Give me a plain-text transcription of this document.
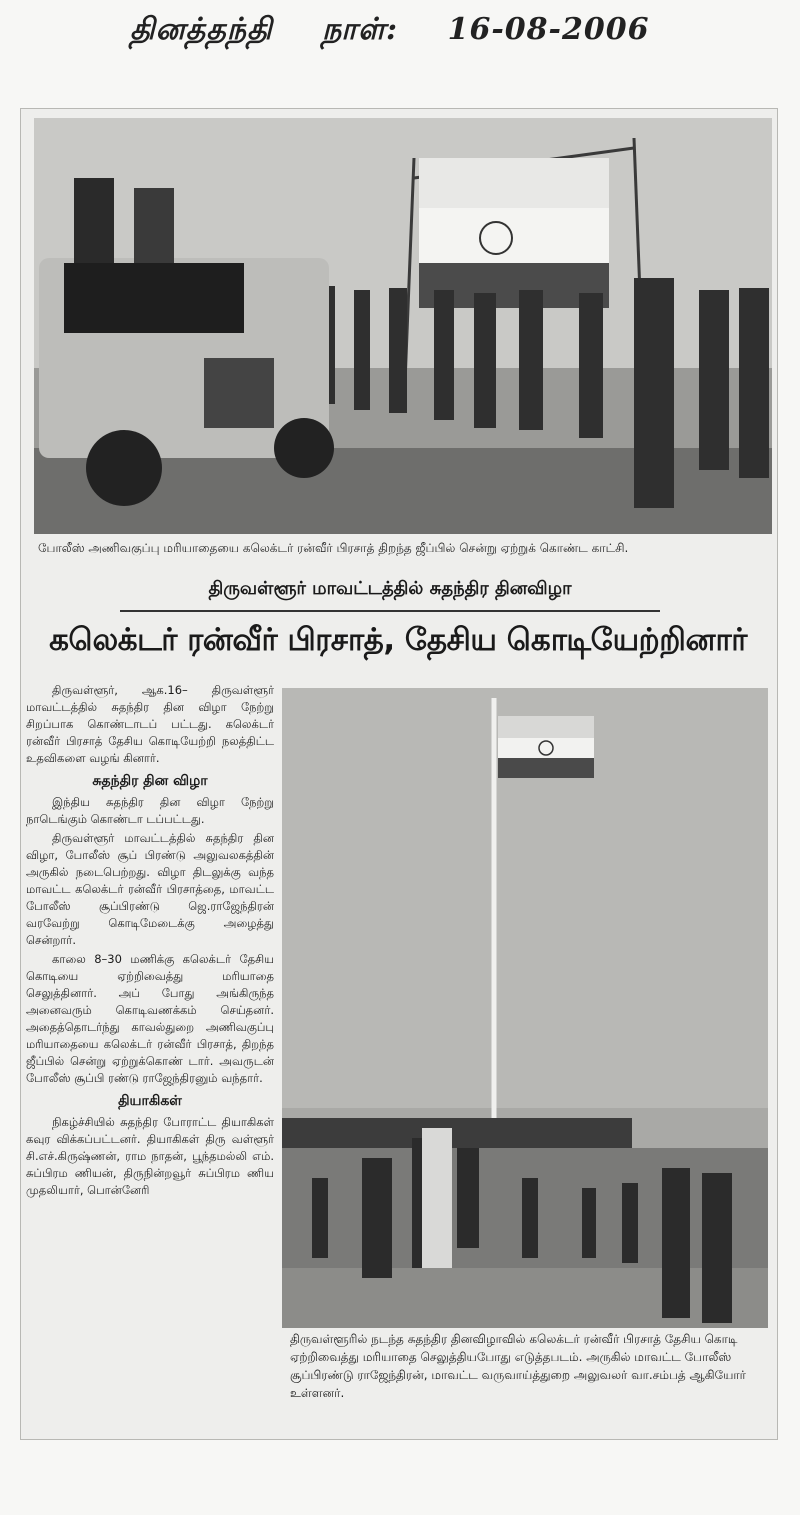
தினத்தந்தி நாள்: 16-08-2006
போலீஸ் அணிவகுப்பு மரியாதையை கலெக்டர் ரன்வீர் பிரசாத் திறந்த ஜீப்பில் சென்று ஏற்றுக் கொண்ட காட்சி.
திருவள்ளூர் மாவட்டத்தில் சுதந்திர தினவிழா
கலெக்டர் ரன்வீர் பிரசாத், தேசிய கொடியேற்றினார்

திருவள்ளூர், ஆக.16– திருவள்ளூர் மாவட்டத்தில் சுதந்திர தின விழா நேற்று சிறப்பாக கொண்டாடப் பட்டது. கலெக்டர் ரன்வீர் பிரசாத் தேசிய கொடியேற்றி நலத்திட்ட உதவிகளை வழங் கினார்.

சுதந்திர தின விழா

இந்திய சுதந்திர தின விழா நேற்று நாடெங்கும் கொண்டா டப்பட்டது.

திருவள்ளூர் மாவட்டத்தில் சுதந்திர தின விழா, போலீஸ் சூப் பிரண்டு அலுவலகத்தின் அருகில் நடைபெற்றது. விழா திடலுக்கு வந்த மாவட்ட கலெக்டர் ரன்வீர் பிரசாத்தை, மாவட்ட போலீஸ் சூப்பிரண்டு ஜெ.ராஜேந்திரன் வரவேற்று கொடிமேடைக்கு அழைத்து சென்றார்.

காலை 8–30 மணிக்கு கலெக்டர் தேசிய கொடியை ஏற்றிவைத்து மரியாதை செலுத்தினார். அப் போது அங்கிருந்த அனைவரும் கொடிவணக்கம் செய்தனர். அதைத்தொடர்ந்து காவல்துறை அணிவகுப்பு மரியாதையை கலெக்டர் ரன்வீர் பிரசாத், திறந்த ஜீப்பில் சென்று ஏற்றுக்கொண் டார். அவருடன் போலீஸ் சூப்பி ரண்டு ராஜேந்திரனும் வந்தார்.

தியாகிகள்

நிகழ்ச்சியில் சுதந்திர போராட்ட தியாகிகள் கவுர விக்கப்பட்டனர். தியாகிகள் திரு வள்ளூர் சி.எச்.கிருஷ்ணன், ராம நாதன், பூந்தமல்லி எம். சுப்பிரம ணியன், திருநின்றவூர் சுப்பிரம ணிய முதலியார், பொன்னேரி

திருவள்ளூரில் நடந்த சுதந்திர தினவிழாவில் கலெக்டர் ரன்வீர் பிரசாத் தேசிய கொடி ஏற்றிவைத்து மரியாதை செலுத்தியபோது எடுத்தபடம். அருகில் மாவட்ட போலீஸ் சூப்பிரண்டு ராஜேந்திரன், மாவட்ட வருவாய்த்துறை அலுவலர் வா.சம்பத் ஆகியோர் உள்ளனர்.
